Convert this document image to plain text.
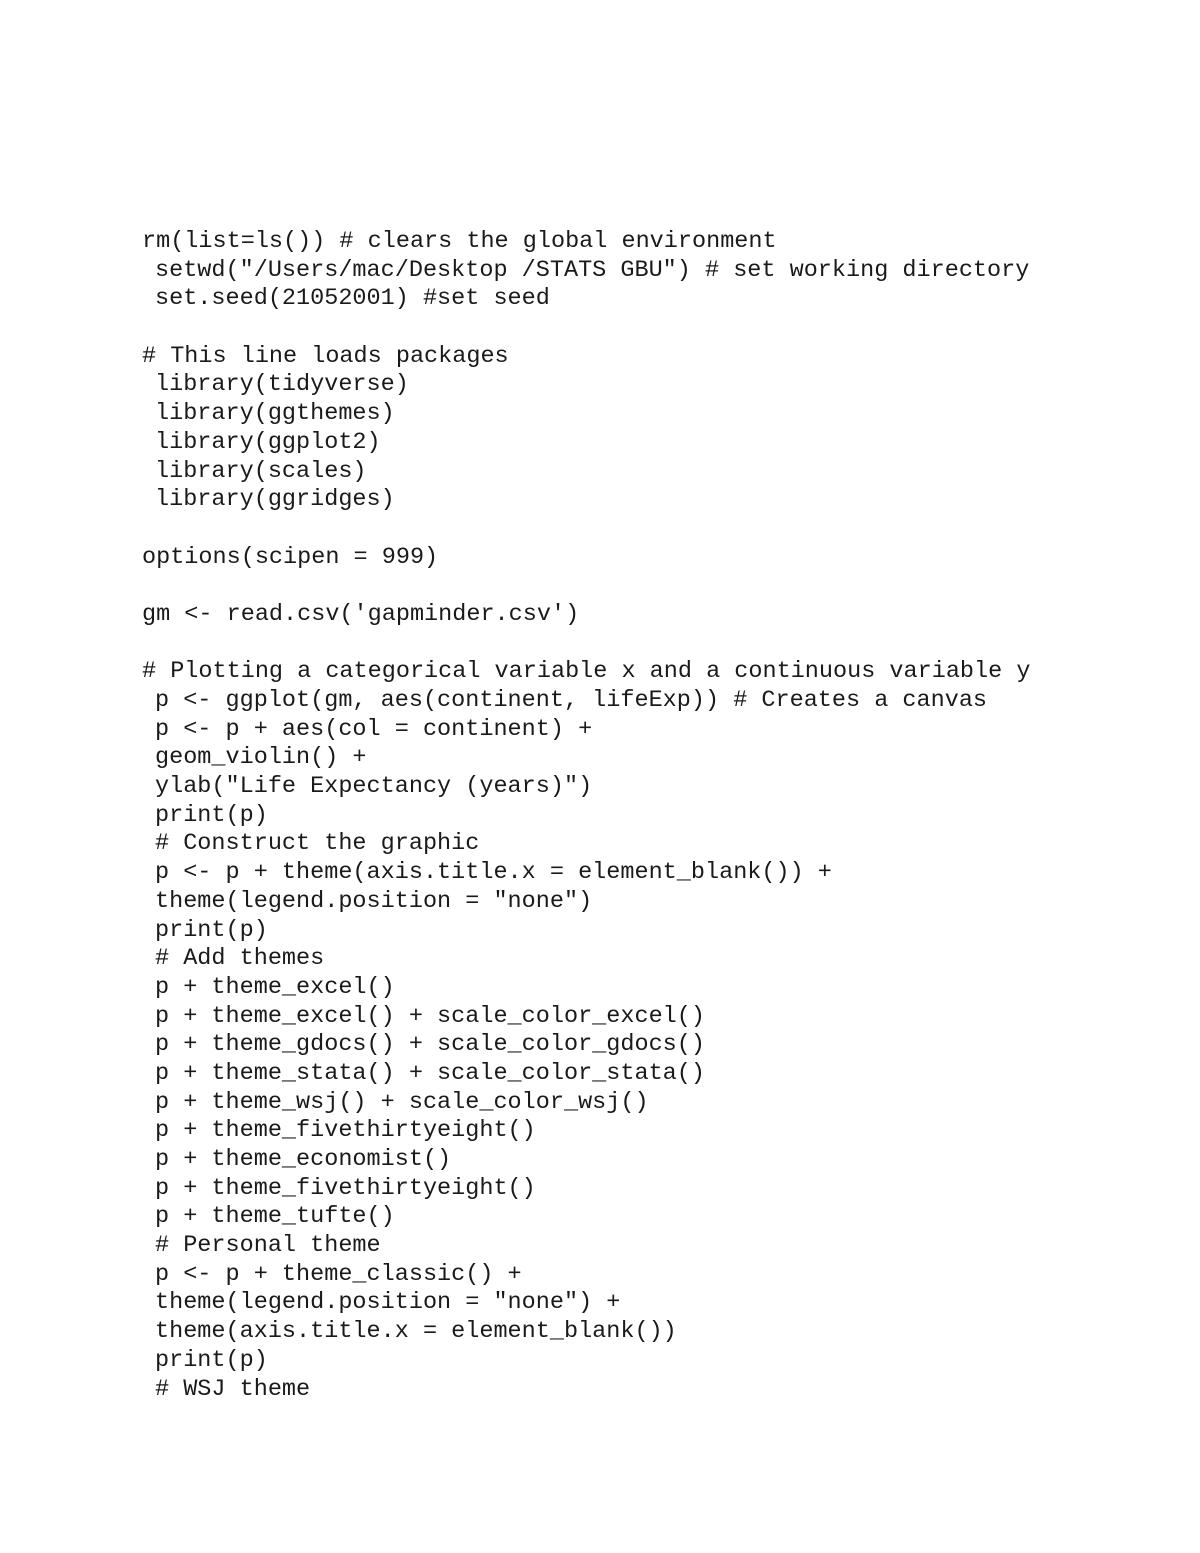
rm(list=ls()) # clears the global environment
setwd("/Users/mac/Desktop /STATS GBU") # set working directory
set.seed(21052001) #set seed
# This line loads packages
library(tidyverse)
library(ggthemes)
library(ggplot2)
library(scales)
library(ggridges)
options(scipen = 999)
gm <- read.csv('gapminder.csv')
# Plotting a categorical variable x and a continuous variable y
p <- ggplot(gm, aes(continent, lifeExp)) # Creates a canvas
p <- p + aes(col = continent) +
geom_violin() +
ylab("Life Expectancy (years)")
print(p)
# Construct the graphic
p <- p + theme(axis.title.x = element_blank()) +
theme(legend.position = "none")
print(p)
# Add themes
p + theme_excel()
p + theme_excel() + scale_color_excel()
p + theme_gdocs() + scale_color_gdocs()
p + theme_stata() + scale_color_stata()
p + theme_wsj() + scale_color_wsj()
p + theme_fivethirtyeight()
p + theme_economist()
p + theme_fivethirtyeight()
p + theme_tufte()
# Personal theme
p <- p + theme_classic() +
theme(legend.position = "none") +
theme(axis.title.x = element_blank())
print(p)
# WSJ theme
